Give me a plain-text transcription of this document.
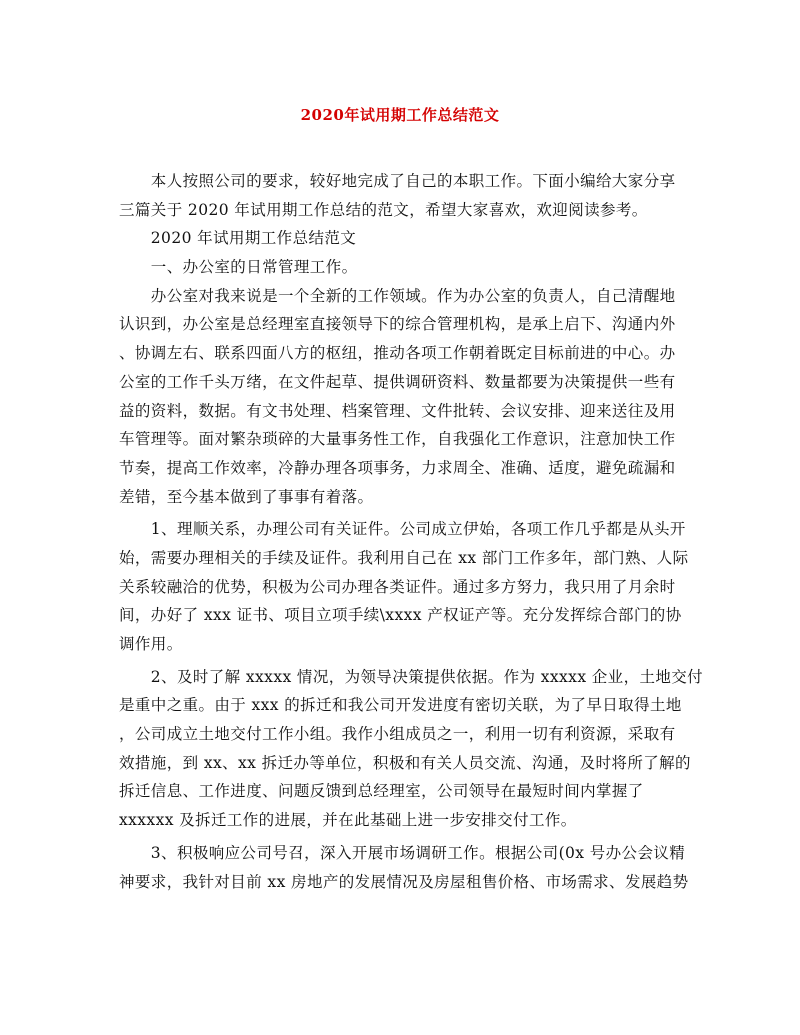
2020年试用期工作总结范文
　　本人按照公司的要求，较好地完成了自己的本职工作。下面小编给大家分享
三篇关于 2020 年试用期工作总结的范文，希望大家喜欢，欢迎阅读参考。
　　2020 年试用期工作总结范文
　　一、办公室的日常管理工作。
　　办公室对我来说是一个全新的工作领域。作为办公室的负责人，自己清醒地
认识到，办公室是总经理室直接领导下的综合管理机构，是承上启下、沟通内外
、协调左右、联系四面八方的枢纽，推动各项工作朝着既定目标前进的中心。办
公室的工作千头万绪，在文件起草、提供调研资料、数量都要为决策提供一些有
益的资料，数据。有文书处理、档案管理、文件批转、会议安排、迎来送往及用
车管理等。面对繁杂琐碎的大量事务性工作，自我强化工作意识，注意加快工作
节奏，提高工作效率，冷静办理各项事务，力求周全、准确、适度，避免疏漏和
差错，至今基本做到了事事有着落。
　　1、理顺关系，办理公司有关证件。公司成立伊始，各项工作几乎都是从头开
始，需要办理相关的手续及证件。我利用自己在 xx 部门工作多年，部门熟、人际
关系较融洽的优势，积极为公司办理各类证件。通过多方努力，我只用了月余时
间，办好了 xxx 证书、项目立项手续\xxxx 产权证产等。充分发挥综合部门的协
调作用。
　　2、及时了解 xxxxx 情况，为领导决策提供依据。作为 xxxxx 企业，土地交付
是重中之重。由于 xxx 的拆迁和我公司开发进度有密切关联，为了早日取得土地
，公司成立土地交付工作小组。我作小组成员之一，利用一切有利资源，采取有
效措施，到 xx、xx 拆迁办等单位，积极和有关人员交流、沟通，及时将所了解的
拆迁信息、工作进度、问题反馈到总经理室，公司领导在最短时间内掌握了
xxxxxx 及拆迁工作的进展，并在此基础上进一步安排交付工作。
　　3、积极响应公司号召，深入开展市场调研工作。根据公司(0x 号办公会议精
神要求，我针对目前 xx 房地产的发展情况及房屋租售价格、市场需求、发展趋势
